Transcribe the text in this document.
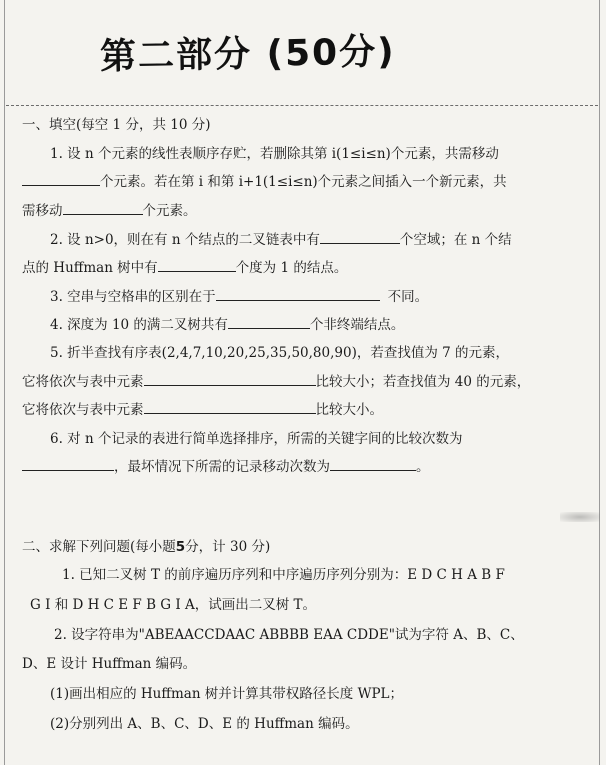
第二部分 (50分)
一、填空(每空 1 分，共 10 分)
1. 设 n 个元素的线性表顺序存贮，若删除其第 i(1≤i≤n)个元素，共需移动
个元素。若在第 i 和第 i+1(1≤i≤n)个元素之间插入一个新元素，共
需移动	个元素。
2. 设 n>0，则在有 n 个结点的二叉链表中有	个空域；在 n 个结
点的 Huffman 树中有	个度为 1 的结点。
3. 空串与空格串的区别在于	不同。
4. 深度为 10 的满二叉树共有	个非终端结点。
5. 折半查找有序表(2,4,7,10,20,25,35,50,80,90)，若查找值为 7 的元素，
它将依次与表中元素	比较大小；若查找值为 40 的元素，
它将依次与表中元素	比较大小。
6. 对 n 个记录的表进行简单选择排序，所需的关键字间的比较次数为
，最坏情况下所需的记录移动次数为	。
二、求解下列问题(每小题5分，计 30 分)
1. 已知二叉树 T 的前序遍历序列和中序遍历序列分别为：E D C H A B F
G I 和 D H C E F B G I A，试画出二叉树 T。
2. 设字符串为"ABEAACCDAAC ABBBB EAA CDDE"试为字符 A、B、C、
D、E 设计 Huffman 编码。
(1)画出相应的 Huffman 树并计算其带权路径长度 WPL；
(2)分别列出 A、B、C、D、E 的 Huffman 编码。
